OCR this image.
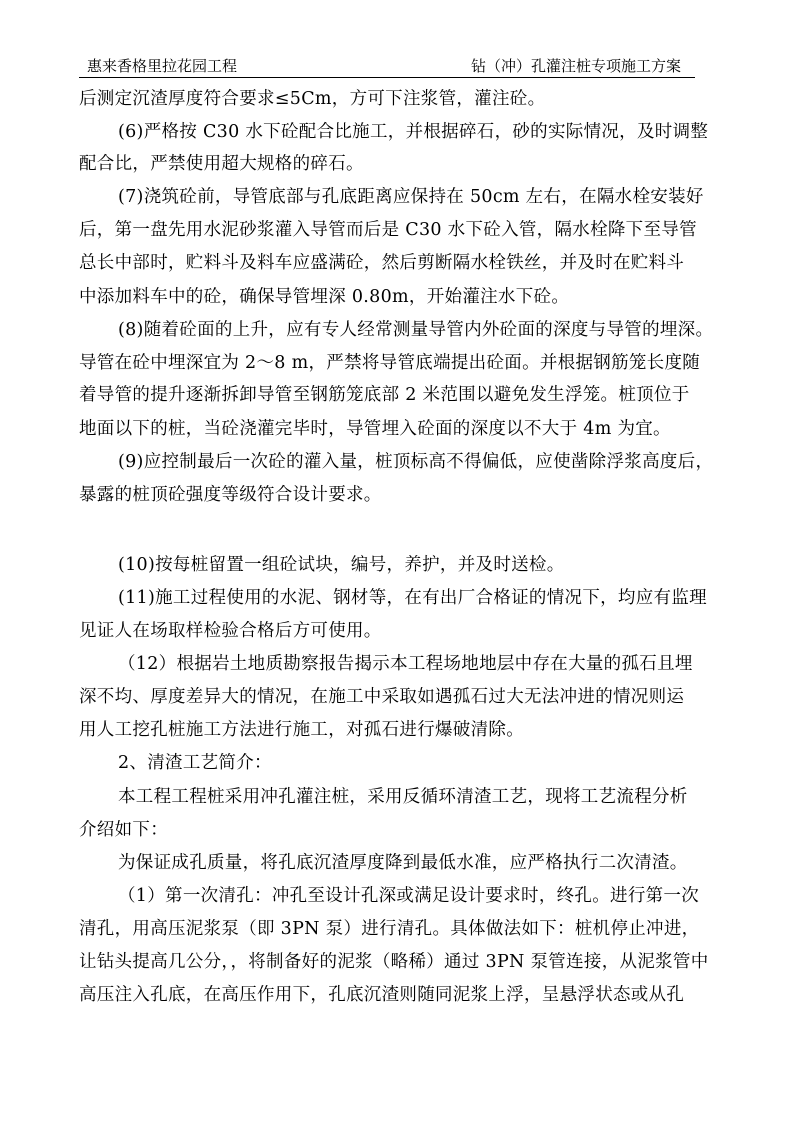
惠来香格里拉花园工程	钻（冲）孔灌注桩专项施工方案
后测定沉渣厚度符合要求≤5Cm，方可下注浆管，灌注砼。
(6)严格按 C30 水下砼配合比施工，并根据碎石，砂的实际情况，及时调整
配合比，严禁使用超大规格的碎石。
(7)浇筑砼前，导管底部与孔底距离应保持在 50cm 左右，在隔水栓安装好
后，第一盘先用水泥砂浆灌入导管而后是 C30 水下砼入管，隔水栓降下至导管
总长中部时，贮料斗及料车应盛满砼，然后剪断隔水栓铁丝，并及时在贮料斗
中添加料车中的砼，确保导管埋深 0.80m，开始灌注水下砼。
(8)随着砼面的上升，应有专人经常测量导管内外砼面的深度与导管的埋深。
导管在砼中埋深宜为 2～8 m，严禁将导管底端提出砼面。并根据钢筋笼长度随
着导管的提升逐渐拆卸导管至钢筋笼底部 2 米范围以避免发生浮笼。桩顶位于
地面以下的桩，当砼浇灌完毕时，导管埋入砼面的深度以不大于 4m 为宜。
(9)应控制最后一次砼的灌入量，桩顶标高不得偏低，应使凿除浮浆高度后，
暴露的桩顶砼强度等级符合设计要求。
(10)按每桩留置一组砼试块，编号，养护，并及时送检。
(11)施工过程使用的水泥、钢材等，在有出厂合格证的情况下，均应有监理
见证人在场取样检验合格后方可使用。
（12）根据岩土地质勘察报告揭示本工程场地地层中存在大量的孤石且埋
深不均、厚度差异大的情况，在施工中采取如遇孤石过大无法冲进的情况则运
用人工挖孔桩施工方法进行施工，对孤石进行爆破清除。
2、清渣工艺简介：
本工程工程桩采用冲孔灌注桩，采用反循环清渣工艺，现将工艺流程分析
介绍如下：
为保证成孔质量，将孔底沉渣厚度降到最低水准，应严格执行二次清渣。
（1）第一次清孔：冲孔至设计孔深或满足设计要求时，终孔。进行第一次
清孔，用高压泥浆泵（即 3PN 泵）进行清孔。具体做法如下：桩机停止冲进，
让钻头提高几公分，，将制备好的泥浆（略稀）通过 3PN 泵管连接，从泥浆管中
高压注入孔底，在高压作用下，孔底沉渣则随同泥浆上浮，呈悬浮状态或从孔
